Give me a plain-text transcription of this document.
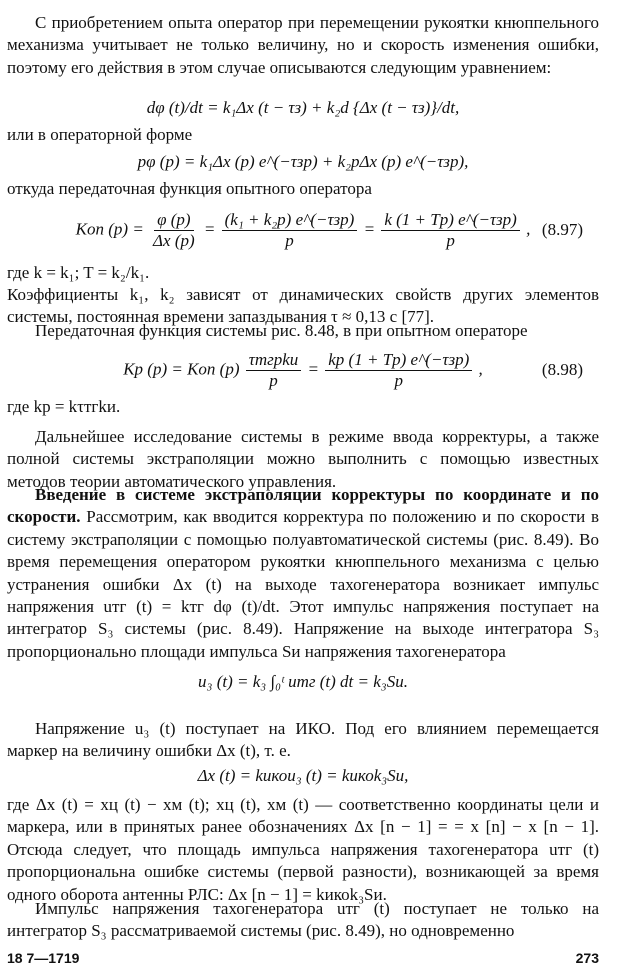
С приобретением опыта оператор при перемещении рукоятки кнюппельного механизма учитывает не только величину, но и скорость изменения ошибки, поэтому его действия в этом случае описываются следующим уравнением:

dφ (t)/dt = k₁Δx (t − τз) + k₂d {Δx (t − τз)}/dt,

или в операторной форме

pφ (p) = k₁Δx (p) e^(−τзp) + k₂pΔx (p) e^(−τзp),

откуда передаточная функция опытного оператора

Kоп $(p) = \frac{\varphi (p)}{\Delta x (p)} = \frac{\text{(k₁ + k₂p) e\textasciicircum{}(−τзp)}}{p} = \frac{\text{k (1 + Tp) e\textasciicircum{}(−τзp)}}{p}$ , (8.97)

где k = k₁; T = k₂/k₁.

Коэффициенты k₁, k₂ зависят от динамических свойств других элементов системы, постоянная времени запаздывания τ ≈ 0,13 с [77].

Передаточная функция системы рис. 8.48, в при опытном операторе

Kр (p) = Kоп $(p) \frac{\text{τтгpkи}}{p} = \frac{\text{kр (1 + Tp) e\textasciicircum{}(−τзp)}}{p}$ ,	(8.98)

где kр = kτтгkи.

Дальнейшее исследование системы в режиме ввода корректуры, а также полной системы экстраполяции можно выполнить с помощью известных методов теории автоматического управления.

Введение в системе экстраполяции корректуры по координате и по скорости. Рассмотрим, как вводится корректура по положению и по скорости в систему экстраполяции с помощью полуавтоматической системы (рис. 8.49). Во время перемещения оператором рукоятки кнюппельного механизма с целью устранения ошибки Δx (t) на выходе тахогенератора возникает импульс напряжения uтг (t) = kтг dφ (t)/dt. Этот импульс напряжения поступает на интегратор S₃ системы (рис. 8.49). Напряжение на выходе интегратора S₃ пропорционально площади импульса Sи напряжения тахогенератора

u₃ (t) = k₃ ∫₀ᵗ uтг (t) dt = k₃Sи.

Напряжение u₃ (t) поступает на ИКО. Под его влиянием перемещается маркер на величину ошибки Δx (t), т. е.

Δx (t) = kикоu₃ (t) = kикоk₃Sи,

где Δx (t) = xц (t) − xм (t); xц (t), xм (t) — соответственно координаты цели и маркера, или в принятых ранее обозначениях Δx [n − 1] = = x [n] − x [n − 1]. Отсюда следует, что площадь импульса напряжения тахогенератора uтг (t) пропорциональна ошибке системы (первой разности), возникающей за время одного оборота антенны РЛС: Δx [n − 1] = kикоk₃Sи.

Импульс напряжения тахогенератора uтг (t) поступает не только на интегратор S₃ рассматриваемой системы (рис. 8.49), но одновременно

18 7—1719	273
